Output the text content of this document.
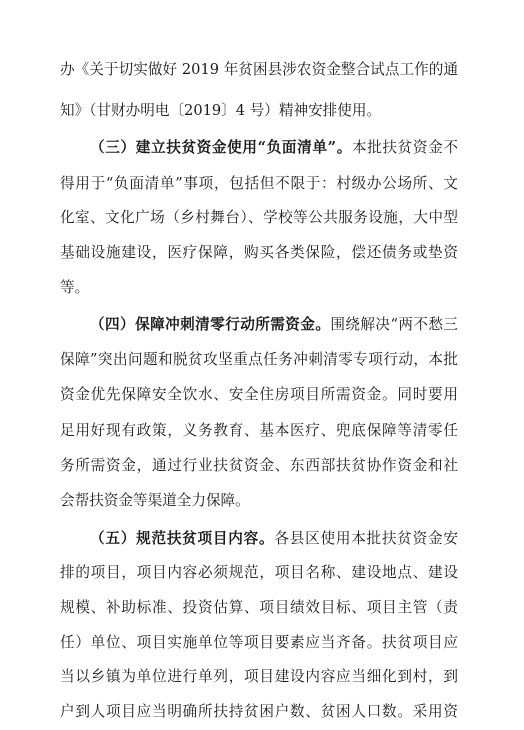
办《关于切实做好 2019 年贫困县涉农资金整合试点工作的通
知》（甘财办明电〔2019〕4 号）精神安排使用。
（三）建立扶贫资金使用“负面清单”。本批扶贫资金不
得用于“负面清单”事项，包括但不限于：村级办公场所、文
化室、文化广场（乡村舞台）、学校等公共服务设施，大中型
基础设施建设，医疗保障，购买各类保险，偿还债务或垫资
等。
（四）保障冲刺清零行动所需资金。围绕解决“两不愁三
保障”突出问题和脱贫攻坚重点任务冲刺清零专项行动，本批
资金优先保障安全饮水、安全住房项目所需资金。同时要用
足用好现有政策，义务教育、基本医疗、兜底保障等清零任
务所需资金，通过行业扶贫资金、东西部扶贫协作资金和社
会帮扶资金等渠道全力保障。
（五）规范扶贫项目内容。各县区使用本批扶贫资金安
排的项目，项目内容必须规范，项目名称、建设地点、建设
规模、补助标准、投资估算、项目绩效目标、项目主管（责
任）单位、项目实施单位等项目要素应当齐备。扶贫项目应
当以乡镇为单位进行单列，项目建设内容应当细化到村，到
户到人项目应当明确所扶持贫困户数、贫困人口数。采用资
